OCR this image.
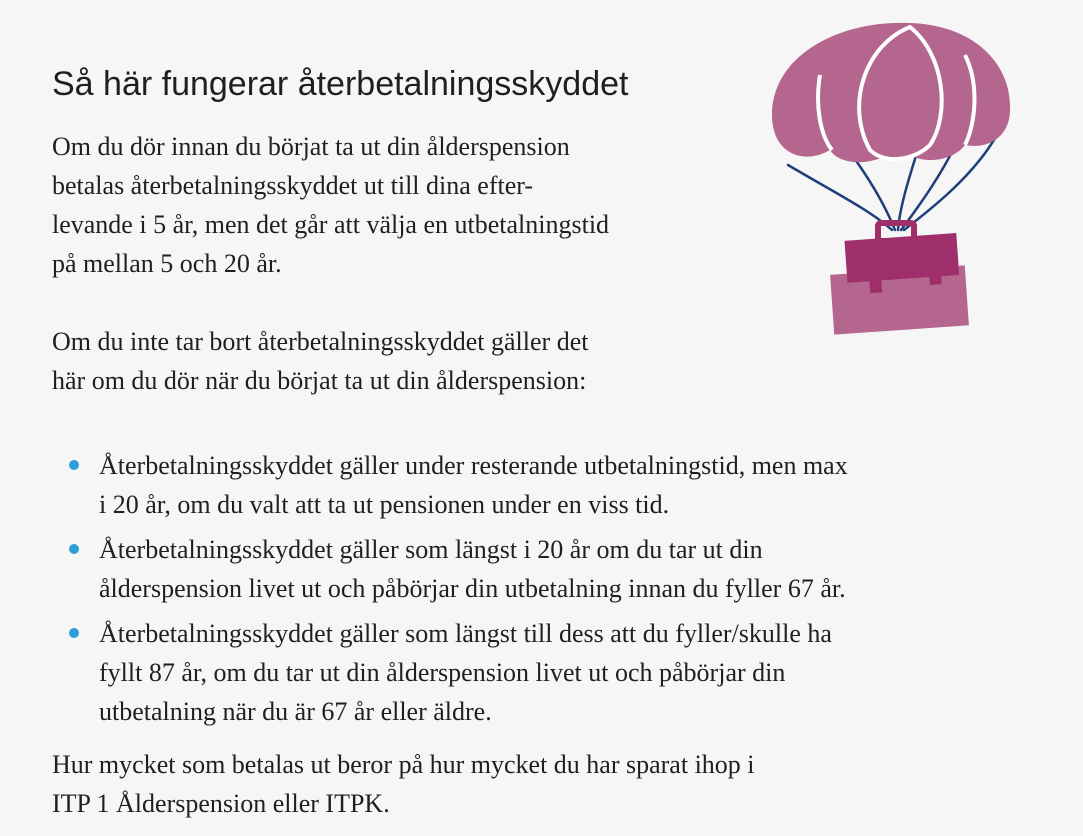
Så här fungerar återbetalningsskyddet

Om du dör innan du börjat ta ut din ålderspension
betalas återbetalningsskyddet ut till dina efter-
levande i 5 år, men det går att välja en utbetalningstid
på mellan 5 och 20 år.

Om du inte tar bort återbetalningsskyddet gäller det
här om du dör när du börjat ta ut din ålderspension:

Återbetalningsskyddet gäller under resterande utbetalningstid, men max
i 20 år, om du valt att ta ut pensionen under en viss tid.
Återbetalningsskyddet gäller som längst i 20 år om du tar ut din
ålderspension livet ut och påbörjar din utbetalning innan du fyller 67 år.
Återbetalningsskyddet gäller som längst till dess att du fyller/skulle ha
fyllt 87 år, om du tar ut din ålderspension livet ut och påbörjar din
utbetalning när du är 67 år eller äldre.

Hur mycket som betalas ut beror på hur mycket du har sparat ihop i
ITP 1 Ålderspension eller ITPK.
